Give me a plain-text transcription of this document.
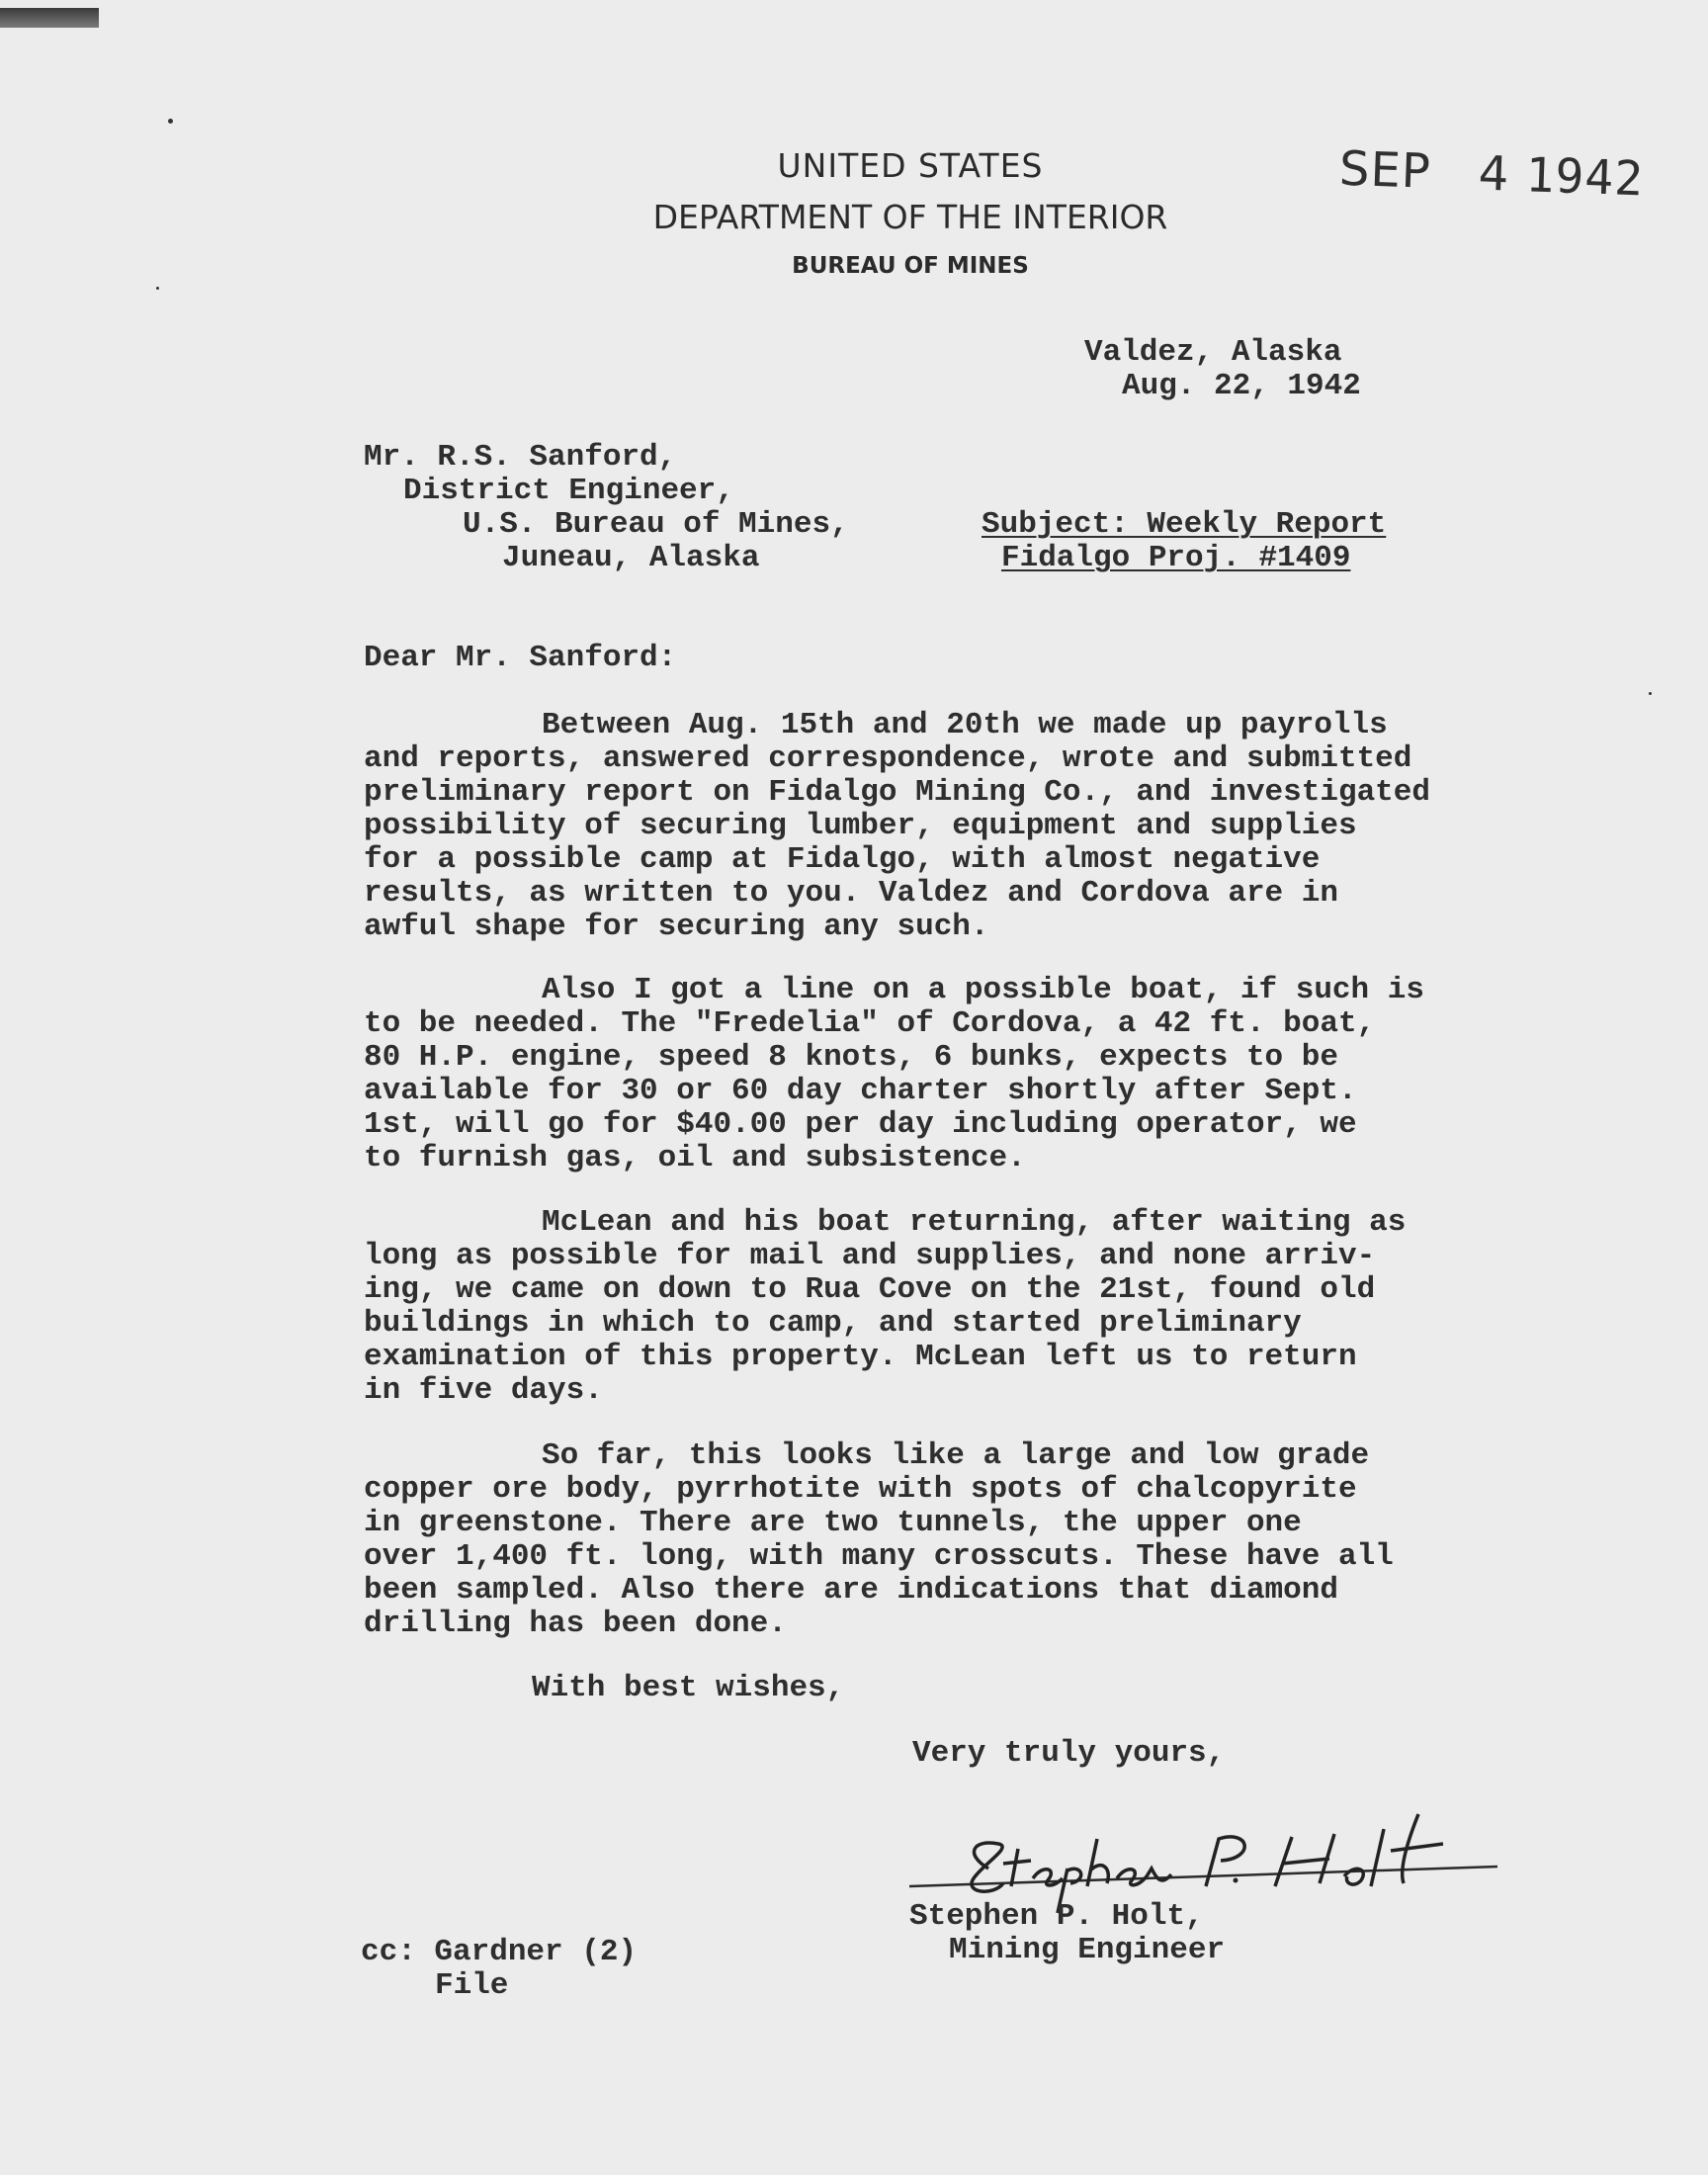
UNITED STATES
DEPARTMENT OF THE INTERIOR
BUREAU OF MINES
SEP 4 1942
Valdez, Alaska
Aug. 22, 1942
Mr. R.S. Sanford,
District Engineer,
U.S. Bureau of Mines,
Juneau, Alaska
Subject: Weekly Report
Fidalgo Proj. #1409
Dear Mr. Sanford:
Between Aug. 15th and 20th we made up payrolls
and reports, answered correspondence, wrote and submitted
preliminary report on Fidalgo Mining Co., and investigated
possibility of securing lumber, equipment and supplies
for a possible camp at Fidalgo, with almost negative
results, as written to you. Valdez and Cordova are in
awful shape for securing any such.
Also I got a line on a possible boat, if such is
to be needed. The "Fredelia" of Cordova, a 42 ft. boat,
80 H.P. engine, speed 8 knots, 6 bunks, expects to be
available for 30 or 60 day charter shortly after Sept.
1st, will go for $40.00 per day including operator, we
to furnish gas, oil and subsistence.
McLean and his boat returning, after waiting as
long as possible for mail and supplies, and none arriv-
ing, we came on down to Rua Cove on the 21st, found old
buildings in which to camp, and started preliminary
examination of this property. McLean left us to return
in five days.
So far, this looks like a large and low grade
copper ore body, pyrrhotite with spots of chalcopyrite
in greenstone. There are two tunnels, the upper one
over 1,400 ft. long, with many crosscuts. These have all
been sampled. Also there are indications that diamond
drilling has been done.
With best wishes,
Very truly yours,
Stephen P. Holt,
Mining Engineer
cc: Gardner (2)
File
